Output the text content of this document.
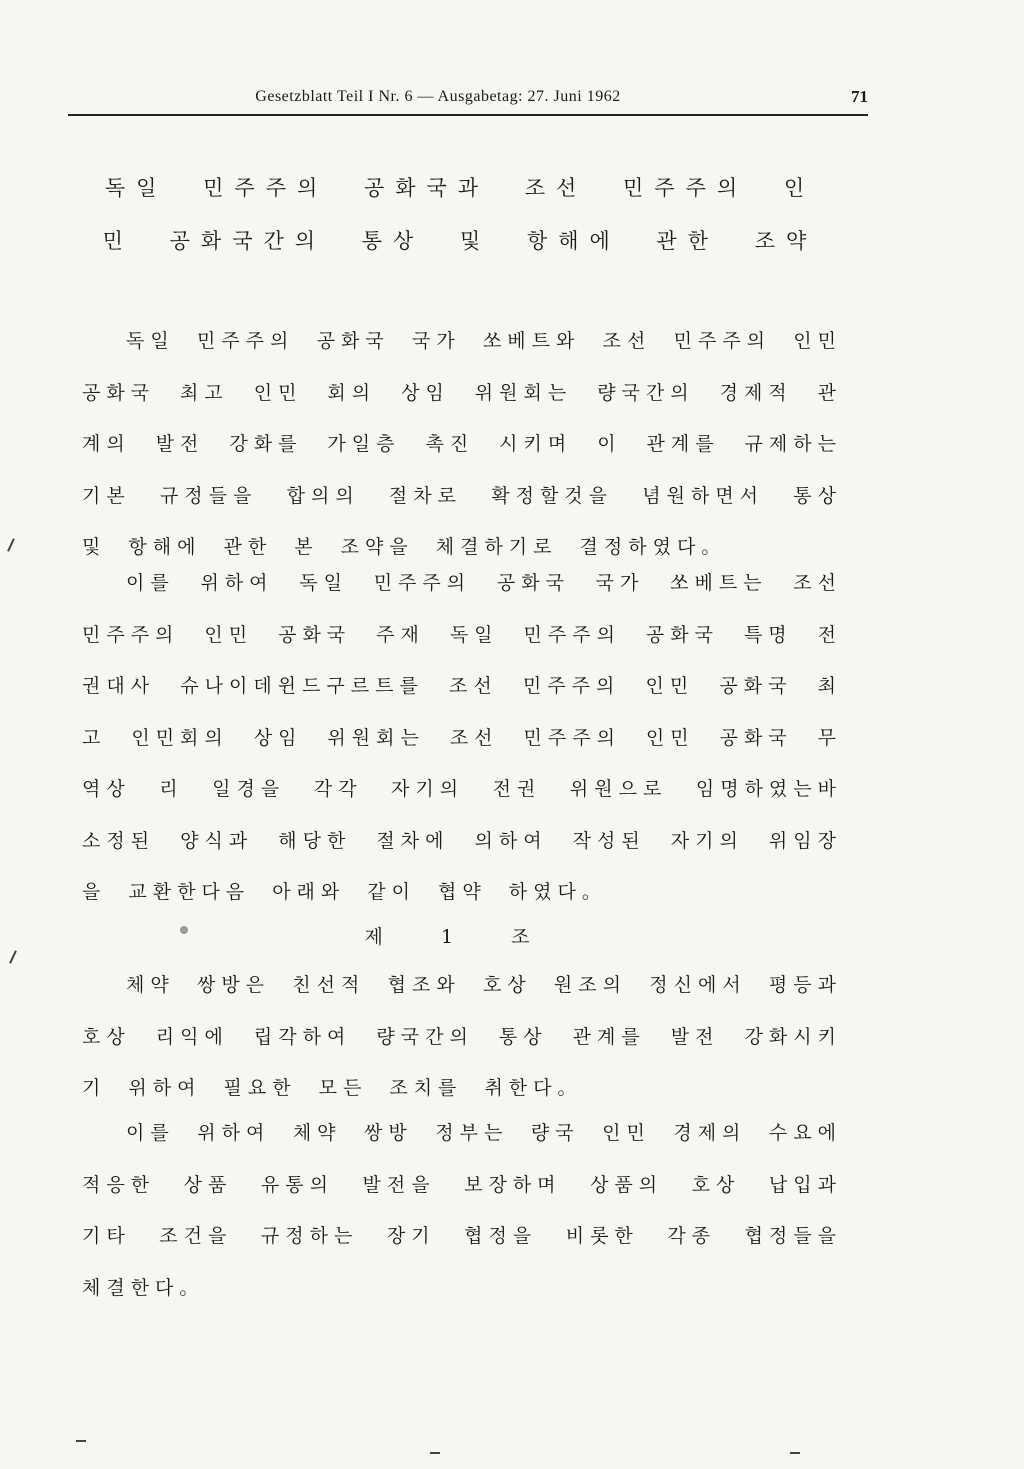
Gesetzblatt Teil I Nr. 6 — Ausgabetag: 27. Juni 1962	71
독일 민주주의 공화국과 조선 민주주의 인
민 공화국간의 통상 및 항해에 관한 조약
독일 민주주의 공화국 국가 쏘베트와 조선 민주주의 인민 공화국 최고 인민 회의 상임 위원회는 량국간의 경제적 관계의 발전 강화를 가일층 촉진 시키며 이 관계를 규제하는 기본 규정들을 합의의 절차로 확정할것을 념원하면서 통상 및 항해에 관한 본 조약을 체결하기로 결정하였다。
이를 위하여 독일 민주주의 공화국 국가 쏘베트는 조선 민주주의 인민 공화국 주재 독일 민주주의 공화국 특명 전권대사 슈나이데윈드구르트를 조선 민주주의 인민 공화국 최고 인민회의 상임 위원회는 조선 민주주의 인민 공화국 무역상 리 일경을 각각 자기의 전권 위원으로 임명하였는바 소정된 양식과 해당한 절차에 의하여 작성된 자기의 위임장을 교환한다음 아래와 같이 협약 하였다。
제 1 조
체약 쌍방은 친선적 협조와 호상 원조의 정신에서 평등과 호상 리익에 립각하여 량국간의 통상 관계를 발전 강화시키기 위하여 필요한 모든 조치를 취한다。
이를 위하여 체약 쌍방 정부는 량국 인민 경제의 수요에 적응한 상품 유통의 발전을 보장하며 상품의 호상 납입과 기타 조건을 규정하는 장기 협정을 비롯한 각종 협정들을 체결한다。
